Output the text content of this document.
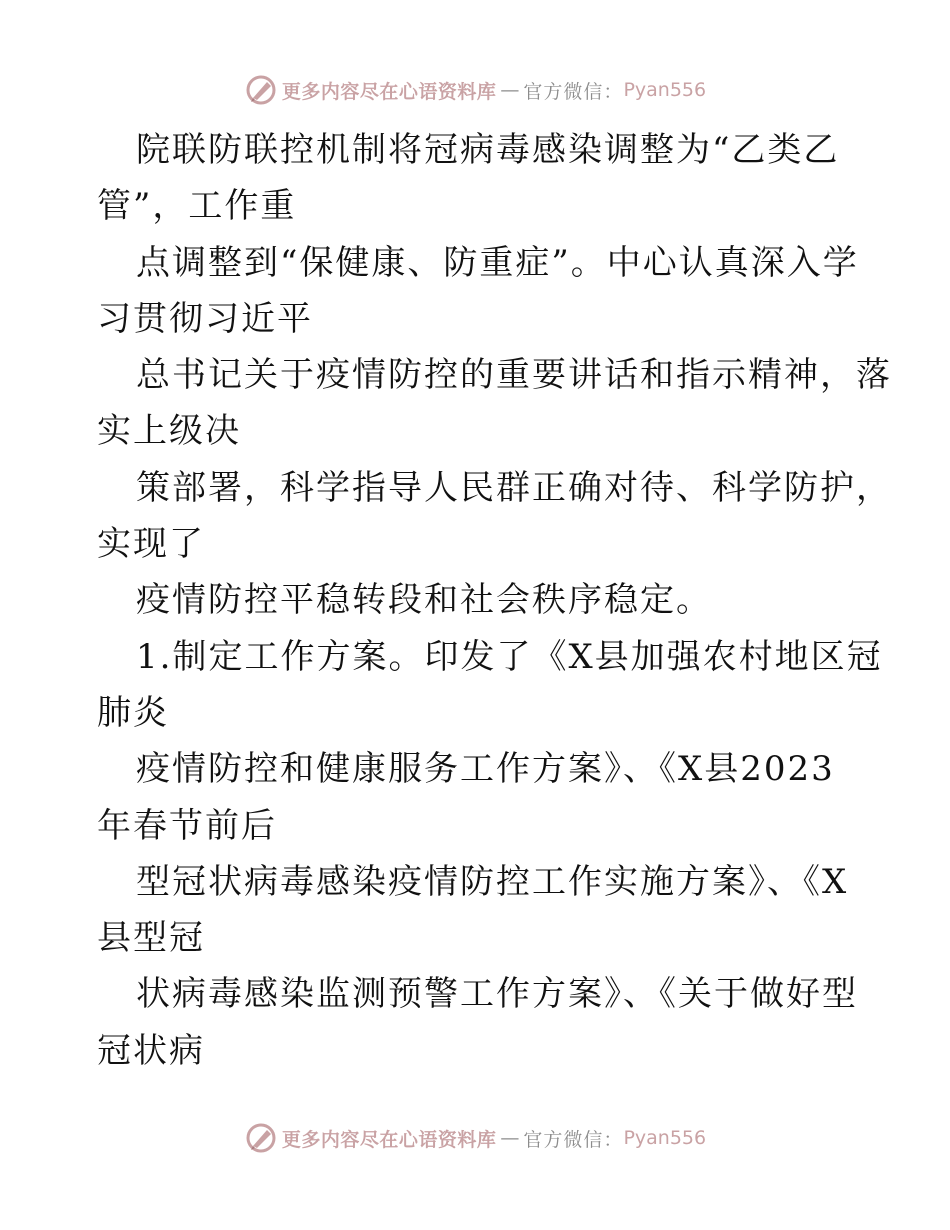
更多内容尽在心语资料库 — 官方微信： Pyan556
院联防联控机制将冠病毒感染调整为“乙类乙
管”，工作重
点调整到“保健康、防重症”。中心认真深入学
习贯彻习近平
总书记关于疫情防控的重要讲话和指示精神，落
实上级决
策部署，科学指导人民群正确对待、科学防护，
实现了
疫情防控平稳转段和社会秩序稳定。
1.制定工作方案。印发了《X县加强农村地区冠
肺炎
疫情防控和健康服务工作方案》、《X县2023
年春节前后
型冠状病毒感染疫情防控工作实施方案》、《X
县型冠
状病毒感染监测预警工作方案》、《关于做好型
冠状病
更多内容尽在心语资料库 — 官方微信： Pyan556
